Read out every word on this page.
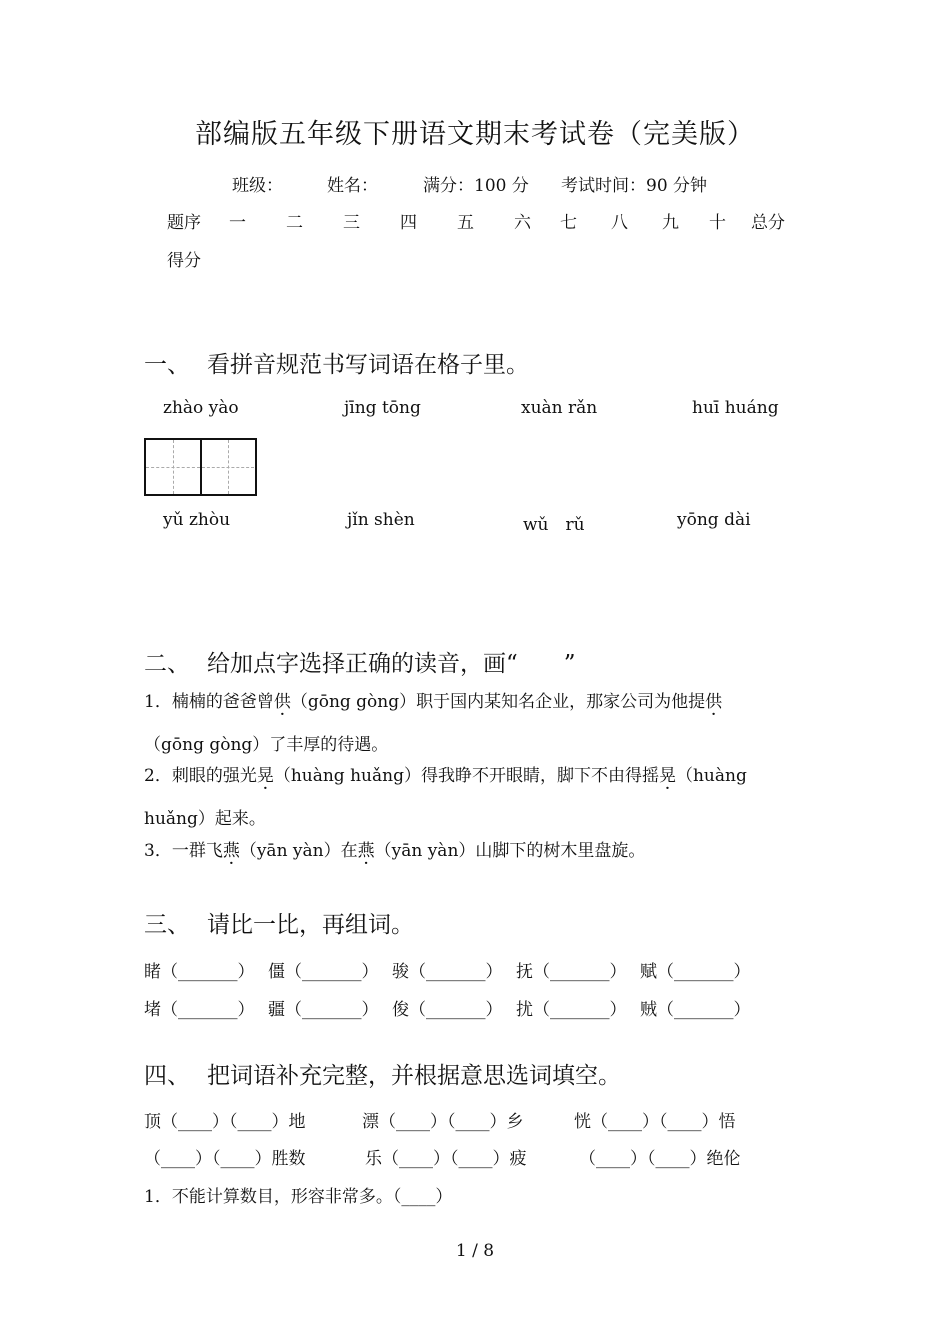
部编版五年级下册语文期末考试卷（完美版）
班级：	姓名：	满分：100 分 考试时间：90 分钟
题序 一 二 三 四 五 六 七 八 九 十 总分
得分
一、 看拼音规范书写词语在格子里。
zhào yào	jīng tōng	xuàn rǎn	huī huáng
yǔ zhòu	jǐn shèn	wǔ　rǔ	yōng dài
二、 给加点字选择正确的读音，画“　　”
1．楠楠的爸爸曾供（gōng gòng）职于国内某知名企业，那家公司为他提供
（gōng gòng）了丰厚的待遇。
2．刺眼的强光晃（huàng huǎng）得我睁不开眼睛，脚下不由得摇晃（huàng
huǎng）起来。
3．一群飞燕（yān yàn）在燕（yān yàn）山脚下的树木里盘旋。
三、 请比一比，再组词。
睹（_______） 僵（_______） 骏（_______） 抚（_______） 赋（_______）
堵（_______） 疆（_______） 俊（_______） 扰（_______） 贼（_______）
四、 把词语补充完整，并根据意思选词填空。
顶（____）（____）地	漂（____）（____）乡	恍（____）（____）悟
（____）（____）胜数	乐（____）（____）疲	（____）（____）绝伦
1．不能计算数目，形容非常多。（____）
1 / 8
